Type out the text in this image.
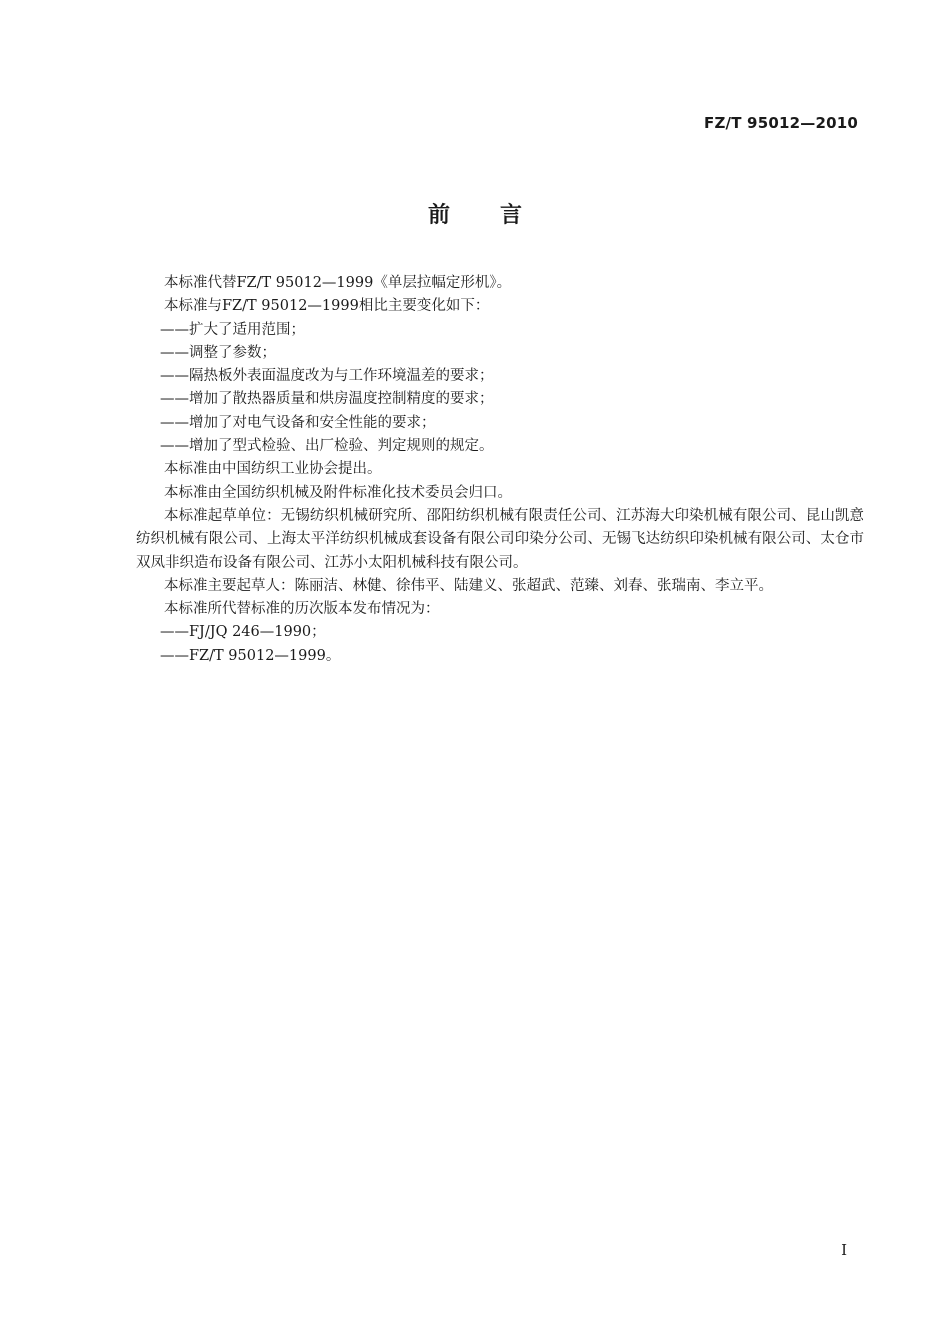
FZ/T 95012—2010
前言

本标准代替FZ/T 95012—1999《单层拉幅定形机》。

本标准与FZ/T 95012—1999相比主要变化如下：

——扩大了适用范围；

——调整了参数；

——隔热板外表面温度改为与工作环境温差的要求；

——增加了散热器质量和烘房温度控制精度的要求；

——增加了对电气设备和安全性能的要求；

——增加了型式检验、出厂检验、判定规则的规定。

本标准由中国纺织工业协会提出。

本标准由全国纺织机械及附件标准化技术委员会归口。

本标准起草单位：无锡纺织机械研究所、邵阳纺织机械有限责任公司、江苏海大印染机械有限公司、昆山凯意纺织机械有限公司、上海太平洋纺织机械成套设备有限公司印染分公司、无锡飞达纺织印染机械有限公司、太仓市双凤非织造布设备有限公司、江苏小太阳机械科技有限公司。

本标准主要起草人：陈丽洁、林健、徐伟平、陆建义、张超武、范臻、刘春、张瑞南、李立平。

本标准所代替标准的历次版本发布情况为：

——FJ/JQ 246—1990；

——FZ/T 95012—1999。

I
